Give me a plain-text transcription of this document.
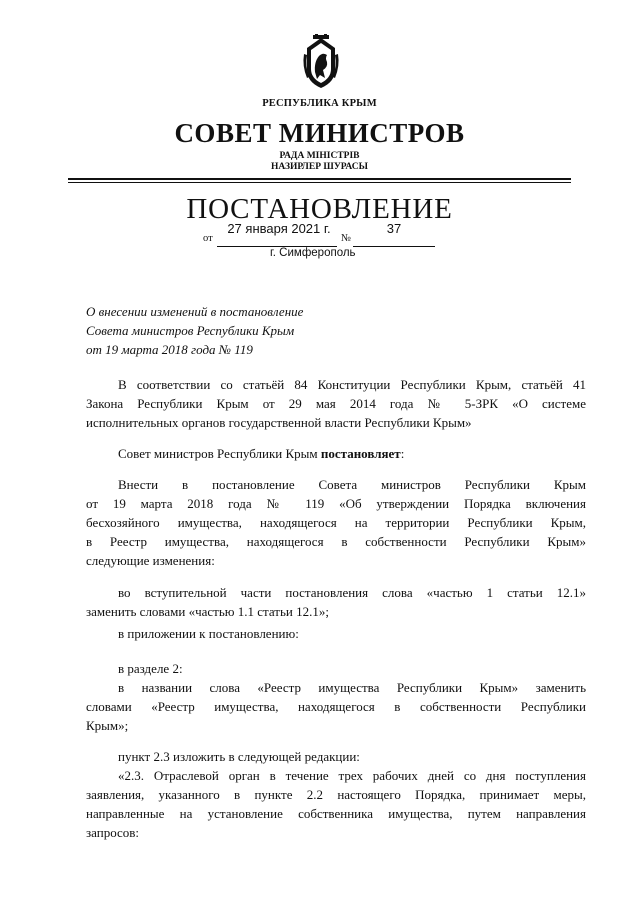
РЕСПУБЛИКА КРЫМ
СОВЕТ МИНИСТРОВ
РАДА МІНІСТРІВ
НАЗИРЛЕР ШУРАСЫ
ПОСТАНОВЛЕНИЕ
от
27 января 2021 г.
№
37
г. Симферополь
О внесении изменений в постановление
Совета министров Республики Крым
от 19 марта 2018 года № 119
В соответствии со статьёй 84 Конституции Республики Крым, статьёй 41
Закона Республики Крым от 29 мая 2014 года № 5-ЗРК «О системе
исполнительных органов государственной власти Республики Крым»
Совет министров Республики Крым постановляет:
Внести в постановление Совета министров Республики Крым
от 19 марта 2018 года № 119 «Об утверждении Порядка включения
бесхозяйного имущества, находящегося на территории Республики Крым,
в Реестр имущества, находящегося в собственности Республики Крым»
следующие изменения:
во вступительной части постановления слова «частью 1 статьи 12.1»
заменить словами «частью 1.1 статьи 12.1»;
в приложении к постановлению:
в разделе 2:
в названии слова «Реестр имущества Республики Крым» заменить
словами «Реестр имущества, находящегося в собственности Республики
Крым»;
пункт 2.3 изложить в следующей редакции:
«2.3. Отраслевой орган в течение трех рабочих дней со дня поступления
заявления, указанного в пункте 2.2 настоящего Порядка, принимает меры,
направленные на установление собственника имущества, путем направления
запросов:
